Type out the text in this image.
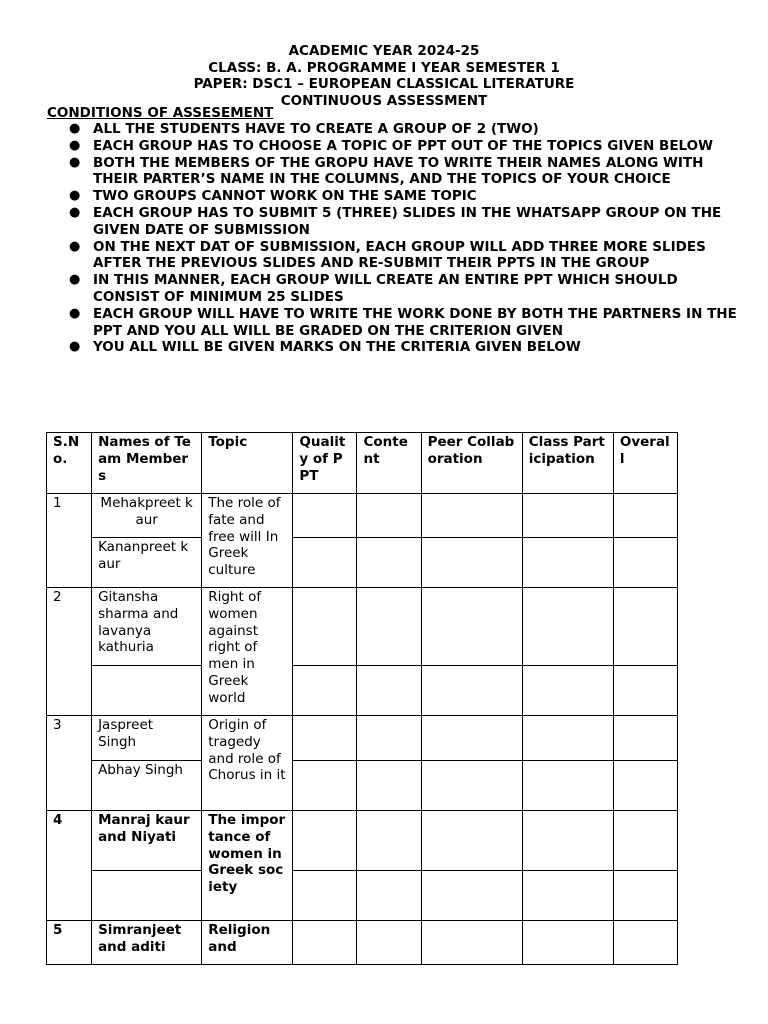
ACADEMIC YEAR 2024-25
CLASS: B. A. PROGRAMME I YEAR SEMESTER 1
PAPER: DSC1 – EUROPEAN CLASSICAL LITERATURE
CONTINUOUS ASSESSMENT
CONDITIONS OF ASSESEMENT
● ALL THE STUDENTS HAVE TO CREATE A GROUP OF 2 (TWO)
● EACH GROUP HAS TO CHOOSE A TOPIC OF PPT OUT OF THE TOPICS GIVEN BELOW
● BOTH THE MEMBERS OF THE GROPU HAVE TO WRITE THEIR NAMES ALONG WITH THEIR PARTER’S NAME IN THE COLUMNS, AND THE TOPICS OF YOUR CHOICE
● TWO GROUPS CANNOT WORK ON THE SAME TOPIC
● EACH GROUP HAS TO SUBMIT 5 (THREE) SLIDES IN THE WHATSAPP GROUP ON THE GIVEN DATE OF SUBMISSION
● ON THE NEXT DAT OF SUBMISSION, EACH GROUP WILL ADD THREE MORE SLIDES AFTER THE PREVIOUS SLIDES AND RE-SUBMIT THEIR PPTS IN THE GROUP
● IN THIS MANNER, EACH GROUP WILL CREATE AN ENTIRE PPT WHICH SHOULD CONSIST OF MINIMUM 25 SLIDES
● EACH GROUP WILL HAVE TO WRITE THE WORK DONE BY BOTH THE PARTNERS IN THE PPT AND YOU ALL WILL BE GRADED ON THE CRITERION GIVEN
● YOU ALL WILL BE GIVEN MARKS ON THE CRITERIA GIVEN BELOW
S.No.	Names of Team Members	Topic	Quality of PPT	Content	Peer Collaboration	Class Participation	Overall
1	Mehakpreet kaur	The role of fate and free will In Greek culture					
	Kananpreet kaur						
2	Gitansha sharma and lavanya kathuria	Right of women against right of men in Greek world					

3	Jaspreet Singh	Origin of tragedy and role of Chorus in it					
	Abhay Singh						
4	Manraj kaur and Niyati	The importance of women in Greek society					

5	Simranjeet and aditi	Religion and					
